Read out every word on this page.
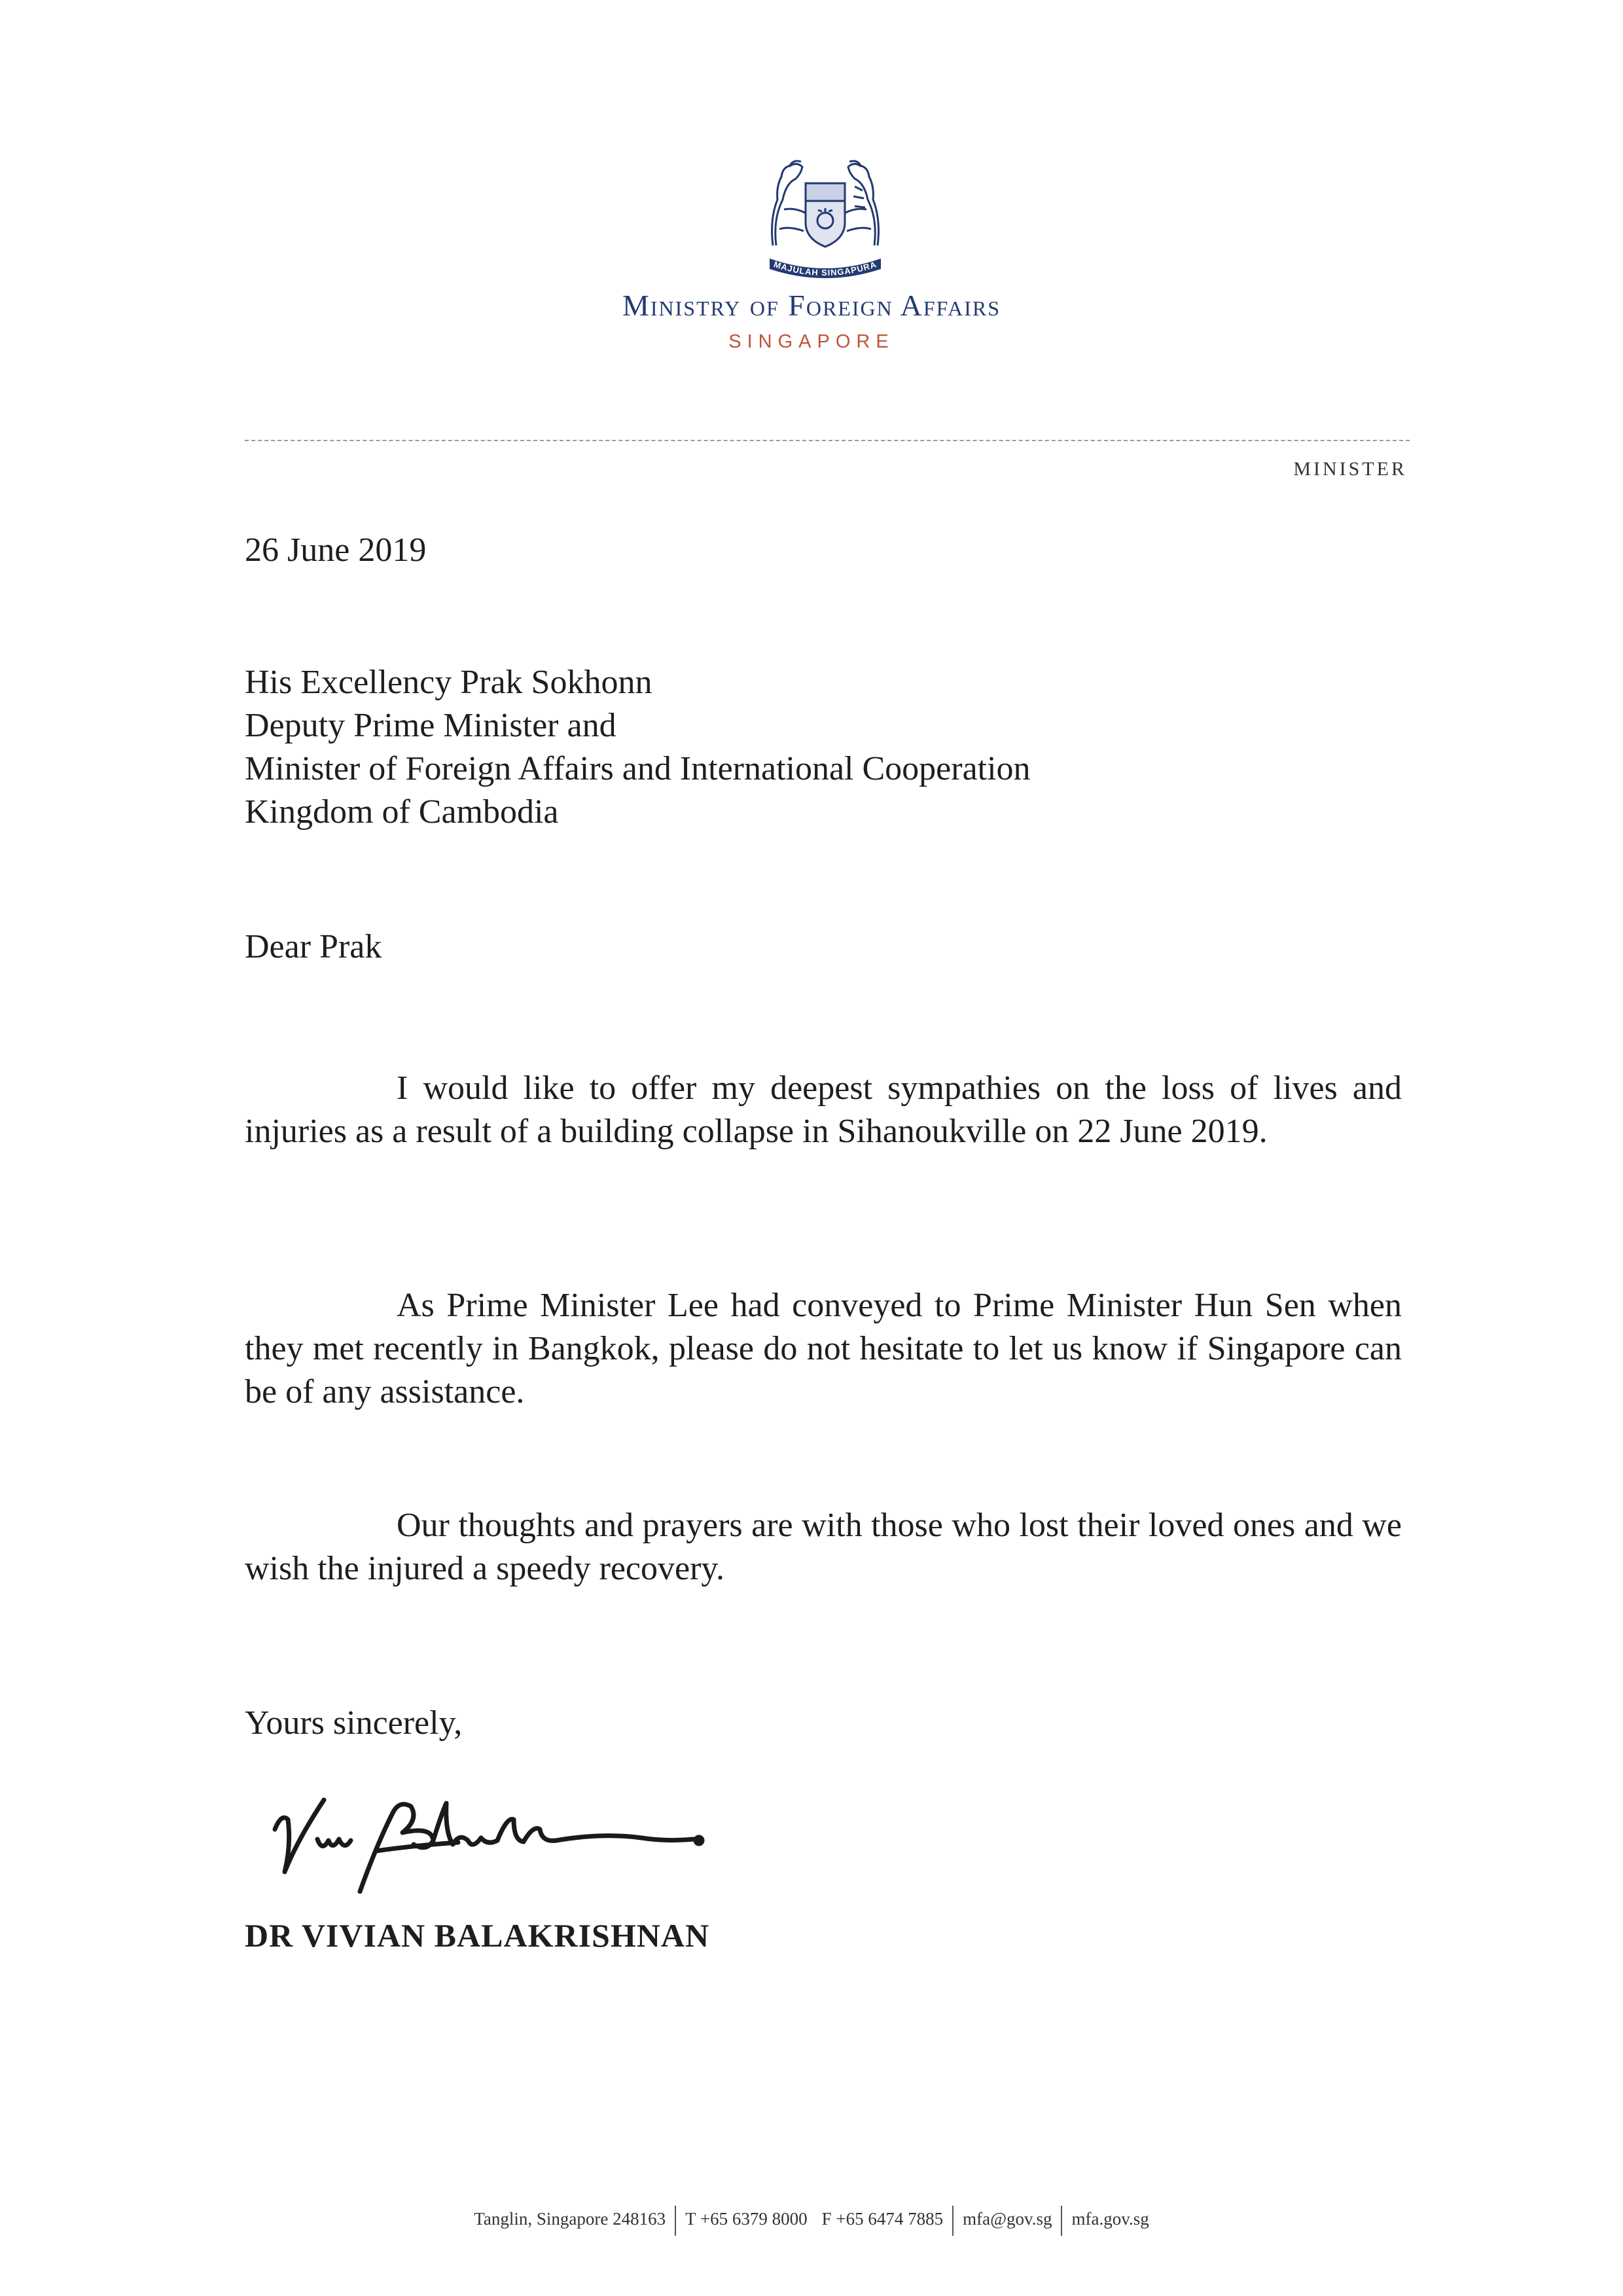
MAJULAH SINGAPURA
Ministry of Foreign Affairs
SINGAPORE
MINISTER
26 June 2019
His Excellency Prak Sokhonn
Deputy Prime Minister and
Minister of Foreign Affairs and International Cooperation
Kingdom of Cambodia
Dear Prak
I would like to offer my deepest sympathies on the loss of lives and injuries as a result of a building collapse in Sihanoukville on 22 June 2019.
As Prime Minister Lee had conveyed to Prime Minister Hun Sen when they met recently in Bangkok, please do not hesitate to let us know if Singapore can be of any assistance.
Our thoughts and prayers are with those who lost their loved ones and we wish the injured a speedy recovery.
Yours sincerely,
DR VIVIAN BALAKRISHNAN
Tanglin, Singapore 248163 T +65 6379 8000 F +65 6474 7885 mfa@gov.sg mfa.gov.sg
